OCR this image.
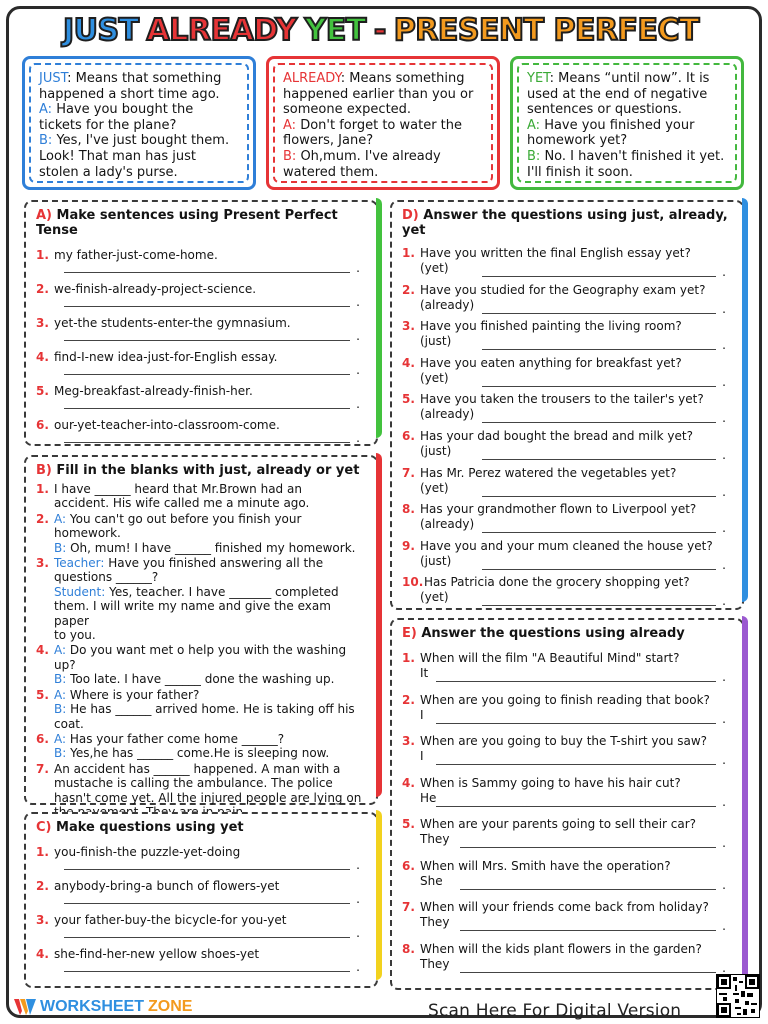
JUST ALREADY YET - PRESENT PERFECT
JUST: Means that something happened a short time ago.
A: Have you bought the tickets for the plane?
B: Yes, I've just bought them. Look! That man has just stolen a lady's purse.
ALREADY: Means something happened earlier than you or someone expected.
A: Don't forget to water the flowers, Jane?
B: Oh,mum. I've already watered them.
YET: Means “until now”. It is used at the end of negative sentences or questions.
A: Have you finished your homework yet?
B: No. I haven't finished it yet. I'll finish it soon.
A) Make sentences using Present Perfect Tense
1. my father-just-come-home.
.
2. we-finish-already-project-science.
.
3. yet-the students-enter-the gymnasium.
.
4. find-I-new idea-just-for-English essay.
.
5. Meg-breakfast-already-finish-her.
.
6. our-yet-teacher-into-classroom-come.
.
B) Fill in the blanks with just, already or yet
1. I have ______ heard that Mr.Brown had an
accident. His wife called me a minute ago.
2. A: You can't go out before you finish your
homework.
B: Oh, mum! I have ______ finished my homework.
3. Teacher: Have you finished answering all the
questions ______?
Student: Yes, teacher. I have _______ completed
them. I will write my name and give the exam paper
to you.
4. A: Do you want met o help you with the washing up?
B: Too late. I have ______ done the washing up.
5. A: Where is your father?
B: He has ______ arrived home. He is taking off his
coat.
6. A: Has your father come home ______?
B: Yes,he has ______ come.He is sleeping now.
7. An accident has ______ happened. A man with a
mustache is calling the ambulance. The police
hasn't come yet. All the injured people are lying on
C) Make questions using yet
1. you-finish-the puzzle-yet-doing
.
2. anybody-bring-a bunch of flowers-yet
.
3. your father-buy-the bicycle-for you-yet
.
4. she-find-her-new yellow shoes-yet
.
D) Answer the questions using just, already, yet
1. Have you written the final English essay yet?
(yet)	.
2. Have you studied for the Geography exam yet?
(already)	.
3. Have you finished painting the living room?
(just)	.
4. Have you eaten anything for breakfast yet?
(yet)	.
5. Have you taken the trousers to the tailer's yet?
(already)	.
6. Has your dad bought the bread and milk yet?
(just)	.
7. Has Mr. Perez watered the vegetables yet?
(yet)	.
8. Has your grandmother flown to Liverpool yet?
(already)	.
9. Have you and your mum cleaned the house yet?
(just)	.
10.Has Patricia done the grocery shopping yet?
(yet)	.
E) Answer the questions using already
1. When will the film "A Beautiful Mind" start?
It	.
2. When are you going to finish reading that book?
I	.
3. When are you going to buy the T-shirt you saw?
I	.
4. When is Sammy going to have his hair cut?
He	.
5. When are your parents going to sell their car?
They	.
6. When will Mrs. Smith have the operation?
She	.
7. When will your friends come back from holiday?
They	.
8. When will the kids plant flowers in the garden?
They	.
WORKSHEET ZONE	Scan Here For Digital Version
